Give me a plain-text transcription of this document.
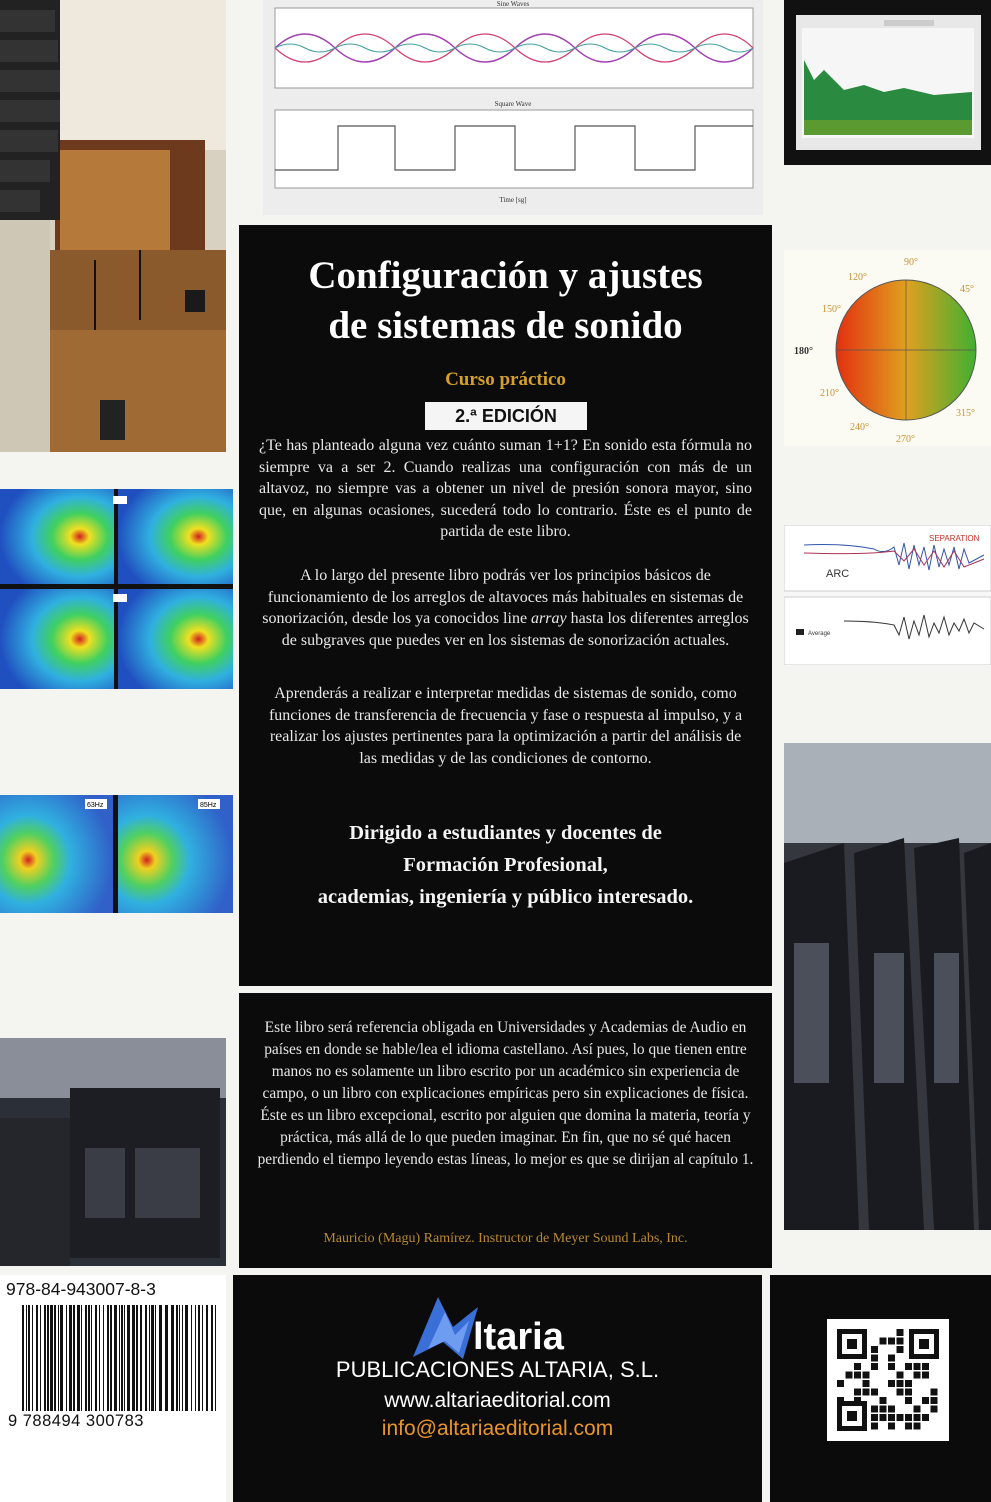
63Hz	85Hz
Sine Waves
Square Wave
Time [sg]
90°
120°
45°
150°
180°
210°
315°
240°
270°
ARC
SEPARATION
Average
Configuración y ajustes
de sistemas de sonido
Curso práctico
2.ª EDICIÓN
¿Te has planteado alguna vez cuánto suman 1+1? En sonido esta fórmula no siempre va a ser 2. Cuando realizas una configuración con más de un altavoz, no siempre vas a obtener un nivel de presión sonora mayor, sino que, en algunas ocasiones, sucederá todo lo contrario. Éste es el punto de partida de este libro.
A lo largo del presente libro podrás ver los principios básicos de funcionamiento de los arreglos de altavoces más habituales en sistemas de sonorización, desde los ya conocidos line array hasta los diferentes arreglos de subgraves que puedes ver en los sistemas de sonorización actuales.
Aprenderás a realizar e interpretar medidas de sistemas de sonido, como funciones de transferencia de frecuencia y fase o respuesta al impulso, y a realizar los ajustes pertinentes para la optimización a partir del análisis de las medidas y de las condiciones de contorno.
Dirigido a estudiantes y docentes de
Formación Profesional,
academias, ingeniería y público interesado.
Este libro será referencia obligada en Universidades y Academias de Audio en países en donde se hable/lea el idioma castellano. Así pues, lo que tienen entre manos no es solamente un libro escrito por un académico sin experiencia de campo, o un libro con explicaciones empíricas pero sin explicaciones de física. Éste es un libro excepcional, escrito por alguien que domina la materia, teoría y práctica, más allá de lo que pueden imaginar. En fin, que no sé qué hacen perdiendo el tiempo leyendo estas líneas, lo mejor es que se dirijan al capítulo 1.
Mauricio (Magu) Ramírez. Instructor de Meyer Sound Labs, Inc.
978-84-943007-8-3
9 788494 300783
ltaria
PUBLICACIONES ALTARIA, S.L.
www.altariaeditorial.com
info@altariaeditorial.com
